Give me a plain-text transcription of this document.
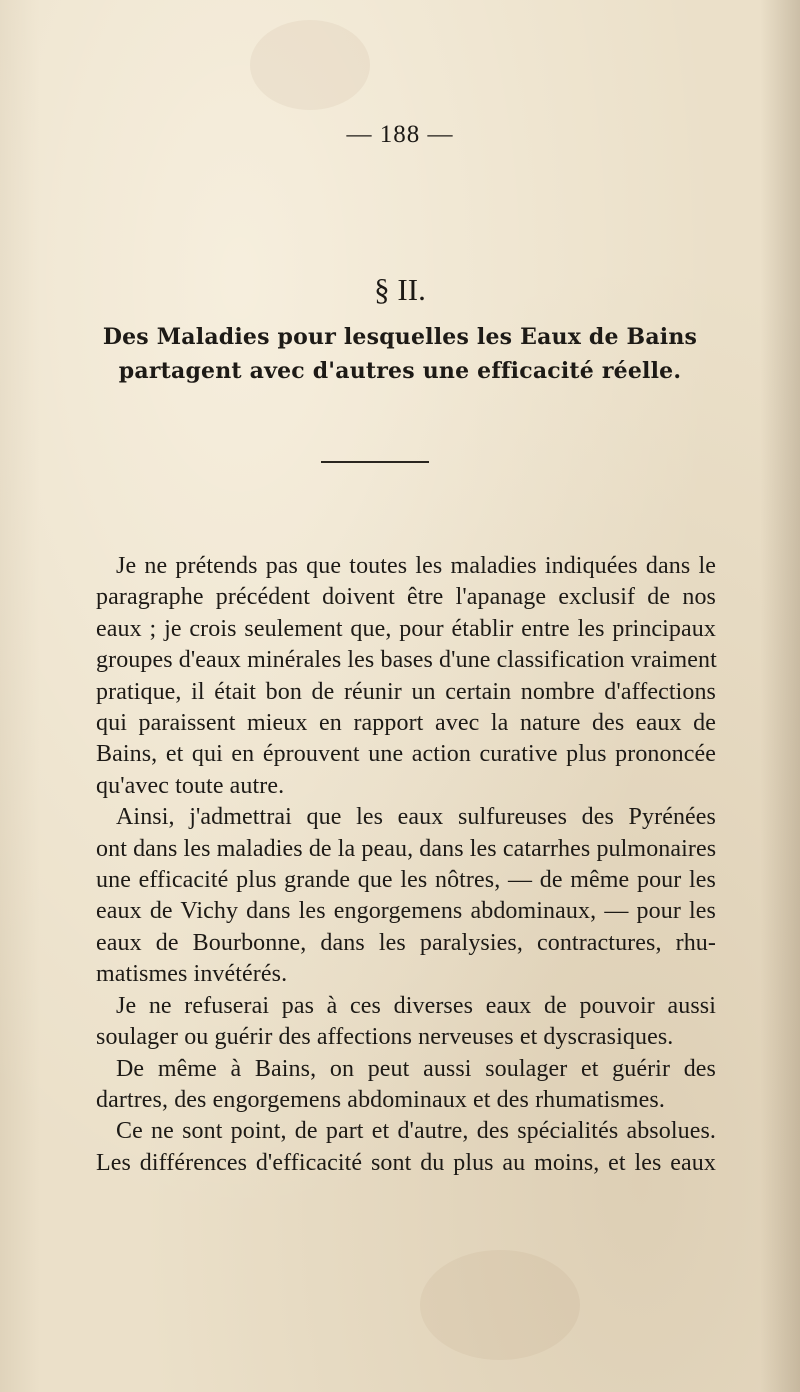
— 188 —
§ II.
Des Maladies pour lesquelles les Eaux de Bains
partagent avec d'autres une efficacité réelle.
Je ne prétends pas que toutes les maladies indiquées dans le
paragraphe précédent doivent être l'apanage exclusif de nos
eaux ; je crois seulement que, pour établir entre les principaux
groupes d'eaux minérales les bases d'une classification vraiment
pratique, il était bon de réunir un certain nombre d'affections
qui paraissent mieux en rapport avec la nature des eaux de
Bains, et qui en éprouvent une action curative plus prononcée
qu'avec toute autre.
Ainsi, j'admettrai que les eaux sulfureuses des Pyrénées
ont dans les maladies de la peau, dans les catarrhes pulmonaires
une efficacité plus grande que les nôtres, — de même pour les
eaux de Vichy dans les engorgemens abdominaux, — pour les
eaux de Bourbonne, dans les paralysies, contractures, rhu-
matismes invétérés.
Je ne refuserai pas à ces diverses eaux de pouvoir aussi
soulager ou guérir des affections nerveuses et dyscrasiques.
De même à Bains, on peut aussi soulager et guérir des
dartres, des engorgemens abdominaux et des rhumatismes.
Ce ne sont point, de part et d'autre, des spécialités absolues.
Les différences d'efficacité sont du plus au moins, et les eaux
